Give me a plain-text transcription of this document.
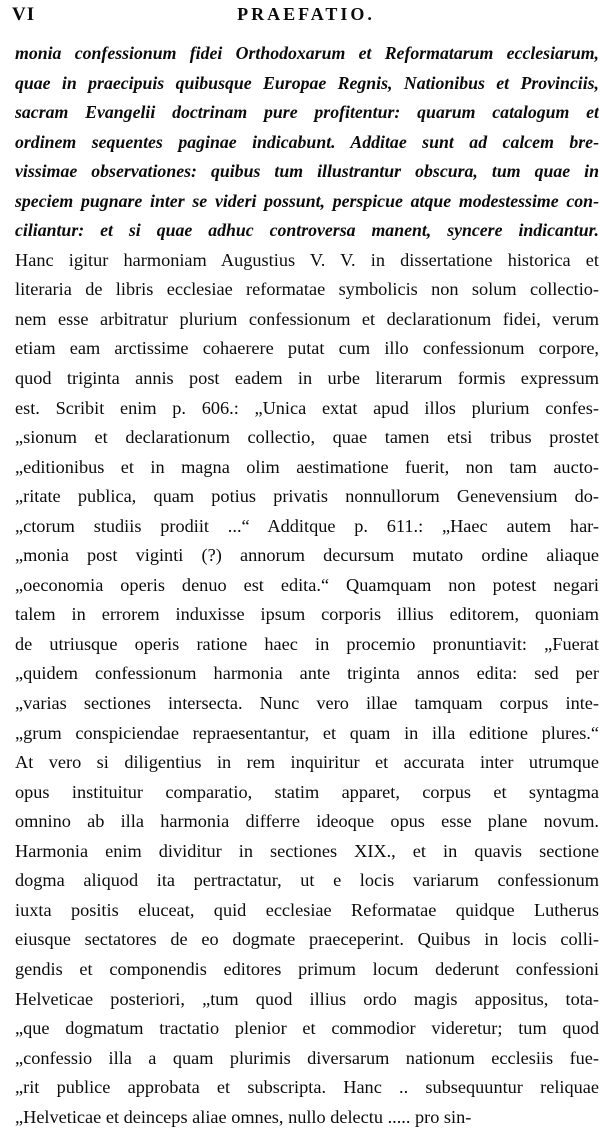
VI	PRAEFATIO.
monia confessionum fidei Orthodoxarum et Reformatarum ecclesiarum,
quae in praecipuis quibusque Europae Regnis, Nationibus et Provinciis,
sacram Evangelii doctrinam pure profitentur: quarum catalogum et
ordinem sequentes paginae indicabunt. Additae sunt ad calcem bre-
vissimae observationes: quibus tum illustrantur obscura, tum quae in
speciem pugnare inter se videri possunt, perspicue atque modestessime con-
ciliantur: et si quae adhuc controversa manent, syncere indicantur.
Hanc igitur harmoniam Augustius V. V. in dissertatione historica et
literaria de libris ecclesiae reformatae symbolicis non solum collectio-
nem esse arbitratur plurium confessionum et declarationum fidei, verum
etiam eam arctissime cohaerere putat cum illo confessionum corpore,
quod triginta annis post eadem in urbe literarum formis expressum
est. Scribit enim p. 606.: „Unica extat apud illos plurium confes-
„sionum et declarationum collectio, quae tamen etsi tribus prostet
„editionibus et in magna olim aestimatione fuerit, non tam aucto-
„ritate publica, quam potius privatis nonnullorum Genevensium do-
„ctorum studiis prodiit ...“ Additque p. 611.: „Haec autem har-
„monia post viginti (?) annorum decursum mutato ordine aliaque
„oeconomia operis denuo est edita.“ Quamquam non potest negari
talem in errorem induxisse ipsum corporis illius editorem, quoniam
de utriusque operis ratione haec in procemio pronuntiavit: „Fuerat
„quidem confessionum harmonia ante triginta annos edita: sed per
„varias sectiones intersecta. Nunc vero illae tamquam corpus inte-
„grum conspiciendae repraesentantur, et quam in illa editione plures.“
At vero si diligentius in rem inquiritur et accurata inter utrumque
opus instituitur comparatio, statim apparet, corpus et syntagma
omnino ab illa harmonia differre ideoque opus esse plane novum.
Harmonia enim dividitur in sectiones XIX., et in quavis sectione
dogma aliquod ita pertractatur, ut e locis variarum confessionum
iuxta positis eluceat, quid ecclesiae Reformatae quidque Lutherus
eiusque sectatores de eo dogmate praeceperint. Quibus in locis colli-
gendis et componendis editores primum locum dederunt confessioni
Helveticae posteriori, „tum quod illius ordo magis appositus, tota-
„que dogmatum tractatio plenior et commodior videretur; tum quod
„confessio illa a quam plurimis diversarum nationum ecclesiis fue-
„rit publice approbata et subscripta. Hanc .. subsequuntur reliquae
„Helveticae et deinceps aliae omnes, nullo delectu ..... pro sin-
